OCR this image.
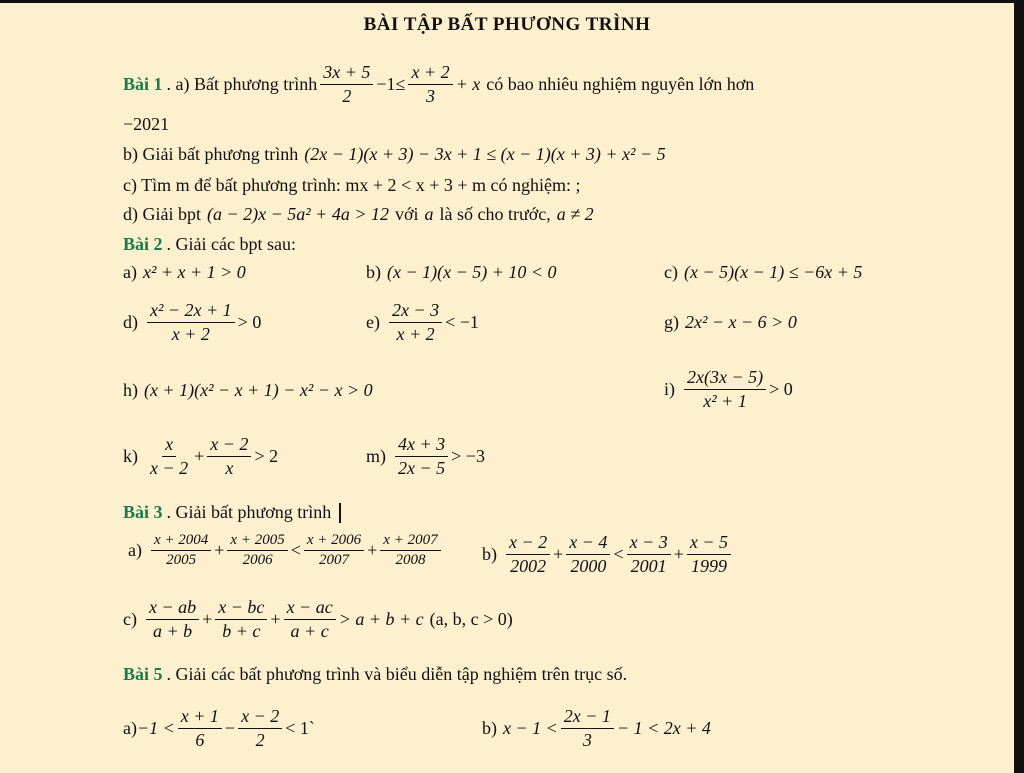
BÀI TẬP BẤT PHƯƠNG TRÌNH
Bài 1 . a) Bất phương trình $\frac{3x + 5}{2} -1\le \frac{x + 2}{3} + x$ có bao nhiêu nghiệm nguyên lớn hơn
−2021
b) Giải bất phương trình (2x − 1)(x + 3) − 3x + 1 ≤ (x − 1)(x + 3) + x² − 5
c) Tìm m để bất phương trình: mx + 2 < x + 3 + m có nghiệm: ;
d) Giải bpt (a − 2)x − 5a² + 4a > 12 với a là số cho trước, a ≠ 2
Bài 2 . Giải các bpt sau:
a) x² + x + 1 > 0	b) (x − 1)(x − 5) + 10 < 0	c) (x − 5)(x − 1) ≤ −6x + 5
$d) \frac{\text{x² − 2x + 1}}{x + 2} > 0$	$e) \frac{2x - 3}{x + 2} < -1$	g) 2x² − x − 6 > 0
h) (x + 1)(x² − x + 1) − x² − x > 0	$i) \frac{2x(3x - 5)}{\text{x² + 1}} > 0$
$k) \frac{x}{x - 2} + \frac{x - 2}{x} > 2$	$m) \frac{4x + 3}{2x - 5} > -3$
Bài 3 . Giải bất phương trình
$a) \frac{x + 2004}{2005} + \frac{x + 2005}{2006} < \frac{x + 2006}{2007} + \frac{x + 2007}{2008} b) \frac{x - 2}{2002} + \frac{x - 4}{2000} < \frac{x - 3}{2001} + \frac{x - 5}{1999}$
$c) \frac{x - ab}{a + b} + \frac{x - bc}{b + c} + \frac{x - ac}{a + c} > a + b + c$ (a, b, c > 0)
Bài 5 . Giải các bất phương trình và biểu diễn tập nghiệm trên trục số.
$a) -1 < \frac{x + 1}{6} - \frac{x - 2}{2}$ < 1`	b) $x - 1 < \frac{2x - 1}{3} - 1 < 2x + 4$
